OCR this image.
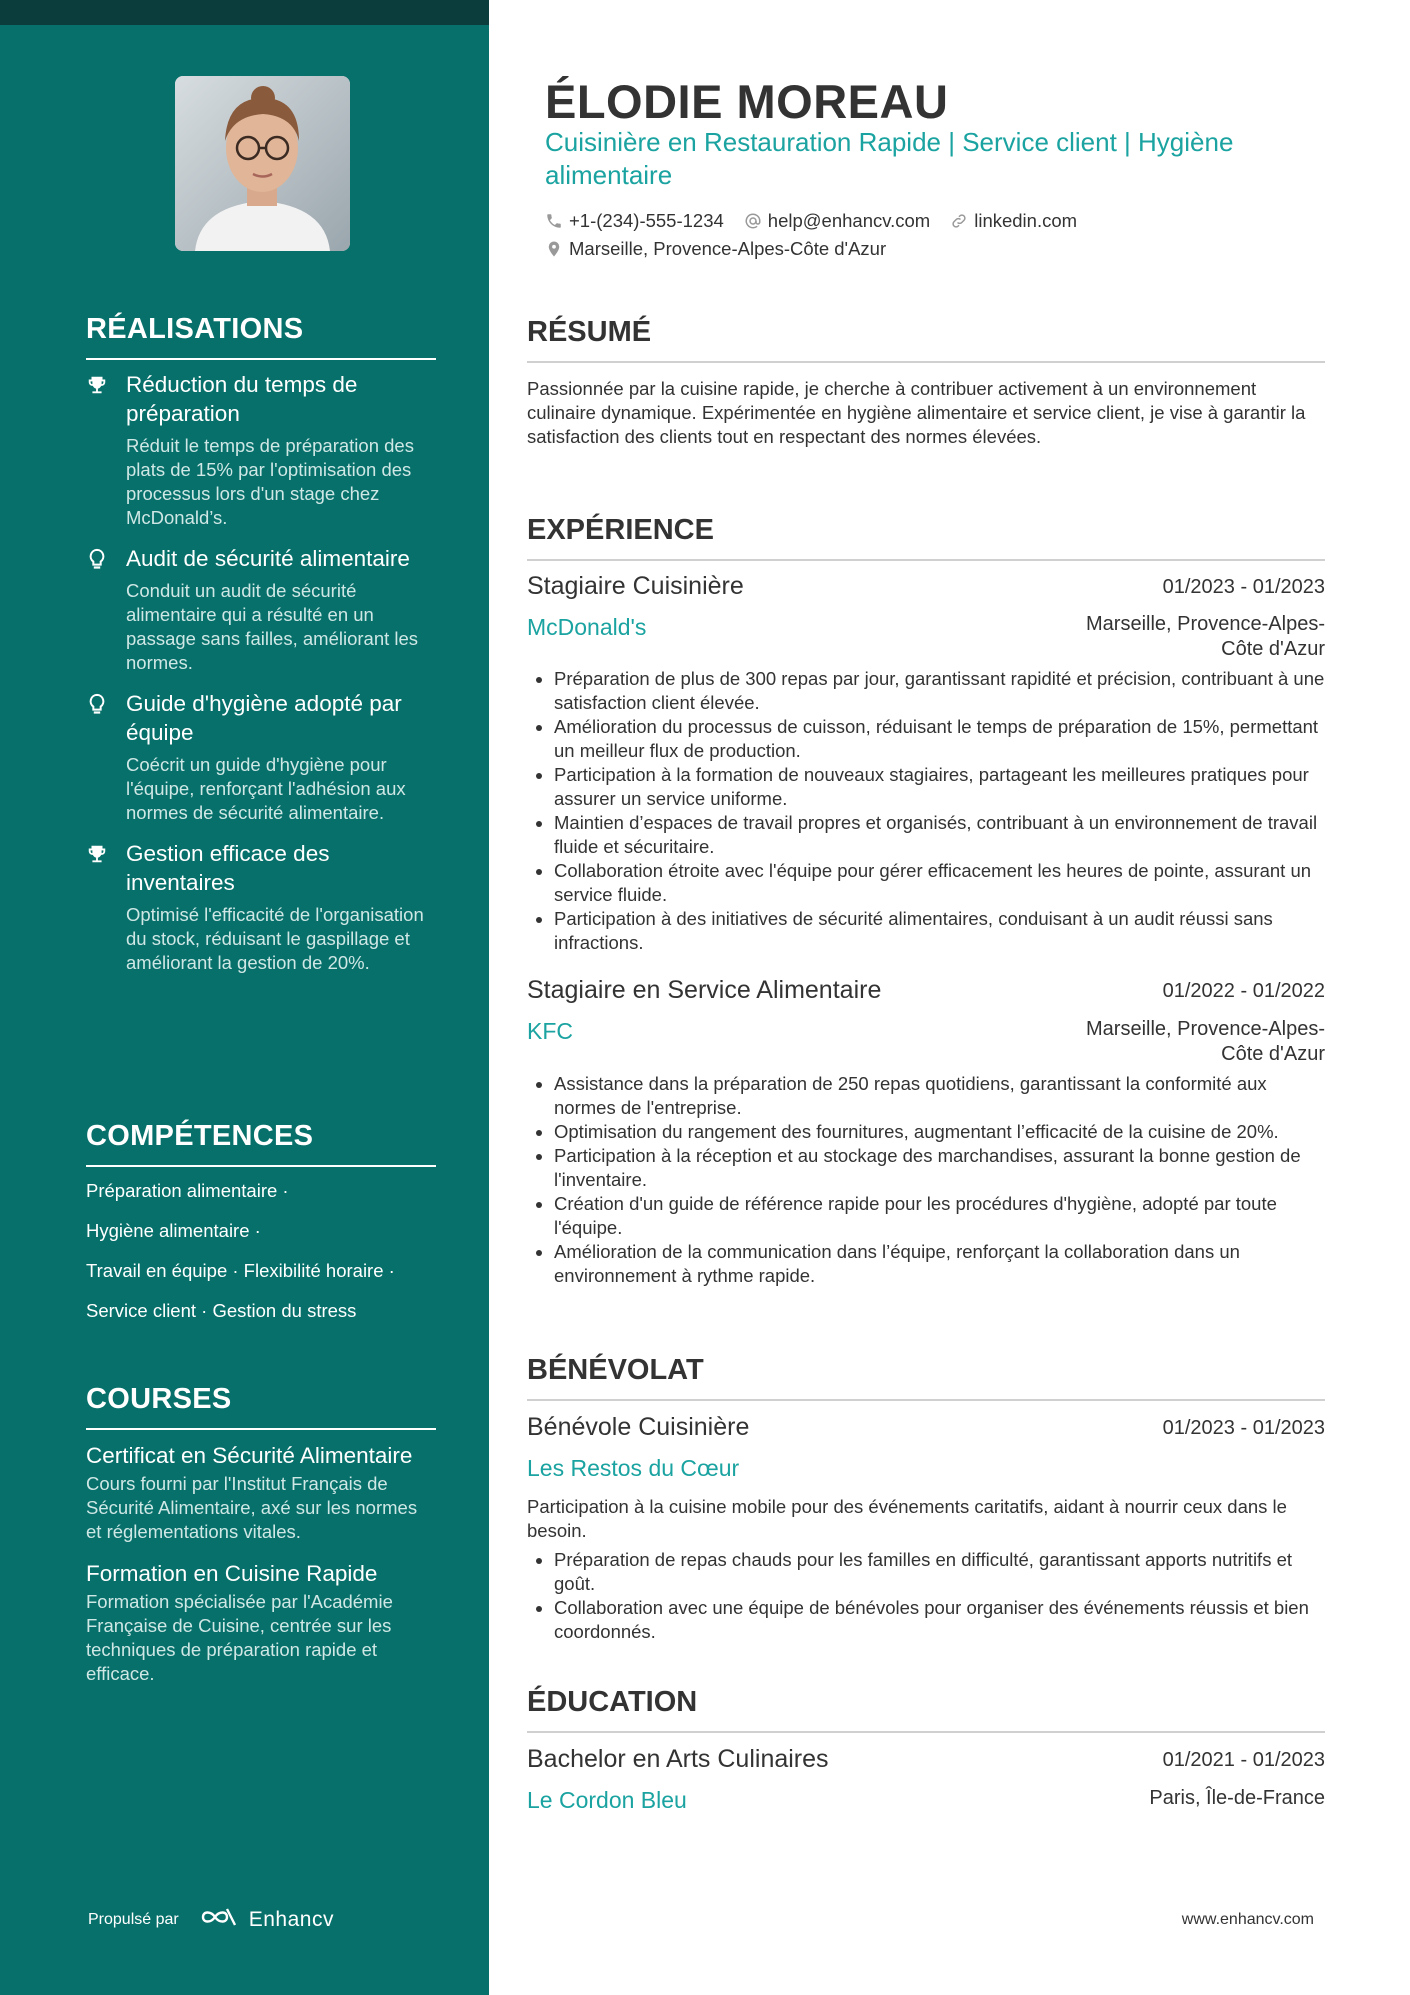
RÉALISATIONS
Réduction du temps de préparation
Réduit le temps de préparation des plats de 15% par l'optimisation des processus lors d'un stage chez McDonald’s.
Audit de sécurité alimentaire
Conduit un audit de sécurité alimentaire qui a résulté en un passage sans failles, améliorant les normes.
Guide d'hygiène adopté par équipe
Coécrit un guide d'hygiène pour l'équipe, renforçant l'adhésion aux normes de sécurité alimentaire.
Gestion efficace des inventaires
Optimisé l'efficacité de l'organisation du stock, réduisant le gaspillage et améliorant la gestion de 20%.
COMPÉTENCES
Préparation alimentaire ·
Hygiène alimentaire ·
Travail en équipe · Flexibilité horaire ·
Service client · Gestion du stress
COURSES
Certificat en Sécurité Alimentaire
Cours fourni par l'Institut Français de Sécurité Alimentaire, axé sur les normes et réglementations vitales.
Formation en Cuisine Rapide
Formation spécialisée par l'Académie Française de Cuisine, centrée sur les techniques de préparation rapide et efficace.
Propulsé par	Enhancv
ÉLODIE MOREAU
Cuisinière en Restauration Rapide | Service client | Hygiène alimentaire
+1-(234)-555-1234 help@enhancv.com linkedin.com
Marseille, Provence-Alpes-Côte d'Azur
RÉSUMÉ
Passionnée par la cuisine rapide, je cherche à contribuer activement à un environnement culinaire dynamique. Expérimentée en hygiène alimentaire et service client, je vise à garantir la satisfaction des clients tout en respectant des normes élevées.
EXPÉRIENCE
Stagiaire Cuisinière	01/2023 - 01/2023
McDonald's	Marseille, Provence-Alpes-Côte d'Azur
• Préparation de plus de 300 repas par jour, garantissant rapidité et précision, contribuant à une satisfaction client élevée.
• Amélioration du processus de cuisson, réduisant le temps de préparation de 15%, permettant un meilleur flux de production.
• Participation à la formation de nouveaux stagiaires, partageant les meilleures pratiques pour assurer un service uniforme.
• Maintien d’espaces de travail propres et organisés, contribuant à un environnement de travail fluide et sécuritaire.
• Collaboration étroite avec l'équipe pour gérer efficacement les heures de pointe, assurant un service fluide.
• Participation à des initiatives de sécurité alimentaires, conduisant à un audit réussi sans infractions.
Stagiaire en Service Alimentaire	01/2022 - 01/2022
KFC	Marseille, Provence-Alpes-Côte d'Azur
• Assistance dans la préparation de 250 repas quotidiens, garantissant la conformité aux normes de l'entreprise.
• Optimisation du rangement des fournitures, augmentant l’efficacité de la cuisine de 20%.
• Participation à la réception et au stockage des marchandises, assurant la bonne gestion de l'inventaire.
• Création d'un guide de référence rapide pour les procédures d'hygiène, adopté par toute l'équipe.
• Amélioration de la communication dans l’équipe, renforçant la collaboration dans un environnement à rythme rapide.
BÉNÉVOLAT
Bénévole Cuisinière	01/2023 - 01/2023
Les Restos du Cœur
Participation à la cuisine mobile pour des événements caritatifs, aidant à nourrir ceux dans le besoin.
• Préparation de repas chauds pour les familles en difficulté, garantissant apports nutritifs et goût.
• Collaboration avec une équipe de bénévoles pour organiser des événements réussis et bien coordonnés.
ÉDUCATION
Bachelor en Arts Culinaires	01/2021 - 01/2023
Le Cordon Bleu	Paris, Île-de-France
www.enhancv.com
